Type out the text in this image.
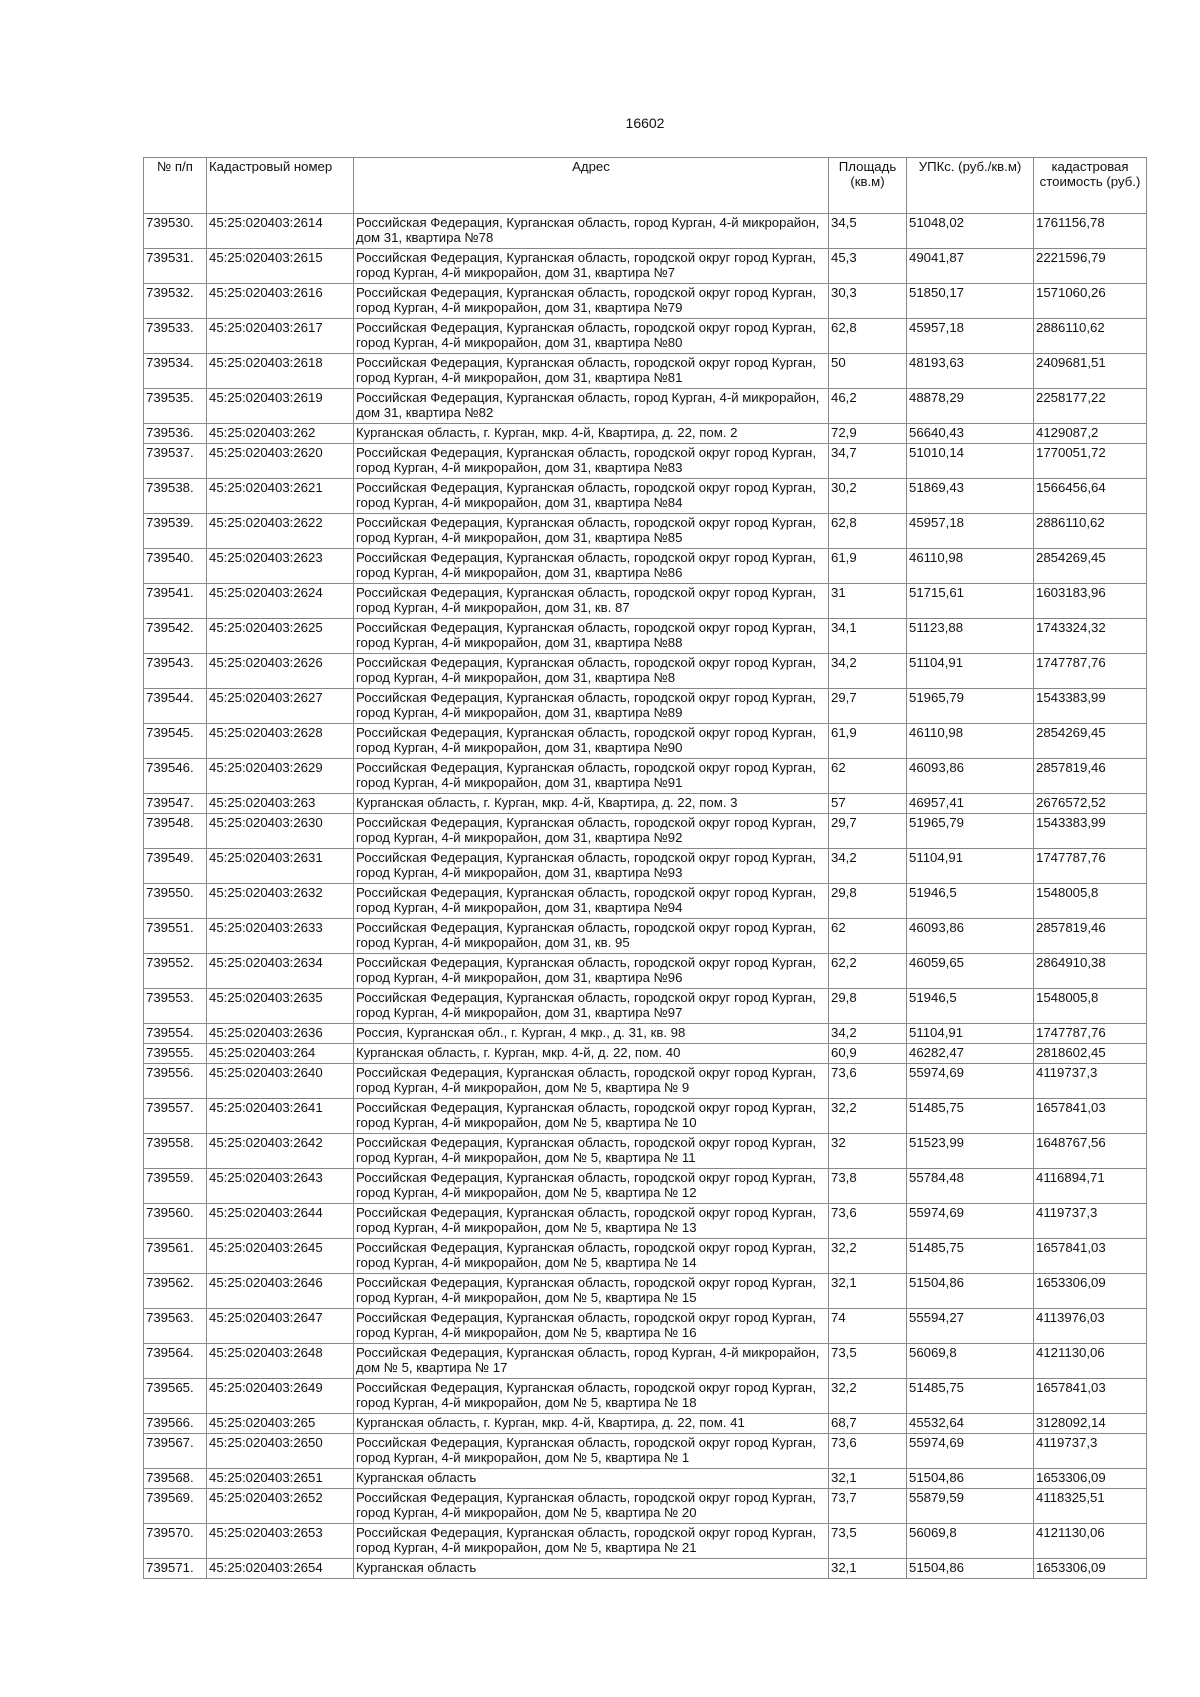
16602
№ п/п	Кадастровый номер	Адрес	Площадь (кв.м)	УПКс. (руб./кв.м)	кадастровая стоимость (руб.)
739530.	45:25:020403:2614	Российская Федерация, Курганская область, город Курган, 4-й микрорайон, дом 31, квартира №78	34,5	51048,02	1761156,78
739531.	45:25:020403:2615	Российская Федерация, Курганская область, городской округ город Курган, город Курган, 4-й микрорайон, дом 31, квартира №7	45,3	49041,87	2221596,79
739532.	45:25:020403:2616	Российская Федерация, Курганская область, городской округ город Курган, город Курган, 4-й микрорайон, дом 31, квартира №79	30,3	51850,17	1571060,26
739533.	45:25:020403:2617	Российская Федерация, Курганская область, городской округ город Курган, город Курган, 4-й микрорайон, дом 31, квартира №80	62,8	45957,18	2886110,62
739534.	45:25:020403:2618	Российская Федерация, Курганская область, городской округ город Курган, город Курган, 4-й микрорайон, дом 31, квартира №81	50	48193,63	2409681,51
739535.	45:25:020403:2619	Российская Федерация, Курганская область, город Курган, 4-й микрорайон, дом 31, квартира №82	46,2	48878,29	2258177,22
739536.	45:25:020403:262	Курганская область, г. Курган, мкр. 4-й, Квартира, д. 22, пом. 2	72,9	56640,43	4129087,2
739537.	45:25:020403:2620	Российская Федерация, Курганская область, городской округ город Курган, город Курган, 4-й микрорайон, дом 31, квартира №83	34,7	51010,14	1770051,72
739538.	45:25:020403:2621	Российская Федерация, Курганская область, городской округ город Курган, город Курган, 4-й микрорайон, дом 31, квартира №84	30,2	51869,43	1566456,64
739539.	45:25:020403:2622	Российская Федерация, Курганская область, городской округ город Курган, город Курган, 4-й микрорайон, дом 31, квартира №85	62,8	45957,18	2886110,62
739540.	45:25:020403:2623	Российская Федерация, Курганская область, городской округ город Курган, город Курган, 4-й микрорайон, дом 31, квартира №86	61,9	46110,98	2854269,45
739541.	45:25:020403:2624	Российская Федерация, Курганская область, городской округ город Курган, город Курган, 4-й микрорайон, дом 31, кв. 87	31	51715,61	1603183,96
739542.	45:25:020403:2625	Российская Федерация, Курганская область, городской округ город Курган, город Курган, 4-й микрорайон, дом 31, квартира №88	34,1	51123,88	1743324,32
739543.	45:25:020403:2626	Российская Федерация, Курганская область, городской округ город Курган, город Курган, 4-й микрорайон, дом 31, квартира №8	34,2	51104,91	1747787,76
739544.	45:25:020403:2627	Российская Федерация, Курганская область, городской округ город Курган, город Курган, 4-й микрорайон, дом 31, квартира №89	29,7	51965,79	1543383,99
739545.	45:25:020403:2628	Российская Федерация, Курганская область, городской округ город Курган, город Курган, 4-й микрорайон, дом 31, квартира №90	61,9	46110,98	2854269,45
739546.	45:25:020403:2629	Российская Федерация, Курганская область, городской округ город Курган, город Курган, 4-й микрорайон, дом 31, квартира №91	62	46093,86	2857819,46
739547.	45:25:020403:263	Курганская область, г. Курган, мкр. 4-й, Квартира, д. 22, пом. 3	57	46957,41	2676572,52
739548.	45:25:020403:2630	Российская Федерация, Курганская область, городской округ город Курган, город Курган, 4-й микрорайон, дом 31, квартира №92	29,7	51965,79	1543383,99
739549.	45:25:020403:2631	Российская Федерация, Курганская область, городской округ город Курган, город Курган, 4-й микрорайон, дом 31, квартира №93	34,2	51104,91	1747787,76
739550.	45:25:020403:2632	Российская Федерация, Курганская область, городской округ город Курган, город Курган, 4-й микрорайон, дом 31, квартира №94	29,8	51946,5	1548005,8
739551.	45:25:020403:2633	Российская Федерация, Курганская область, городской округ город Курган, город Курган, 4-й микрорайон, дом 31, кв. 95	62	46093,86	2857819,46
739552.	45:25:020403:2634	Российская Федерация, Курганская область, городской округ город Курган, город Курган, 4-й микрорайон, дом 31, квартира №96	62,2	46059,65	2864910,38
739553.	45:25:020403:2635	Российская Федерация, Курганская область, городской округ город Курган, город Курган, 4-й микрорайон, дом 31, квартира №97	29,8	51946,5	1548005,8
739554.	45:25:020403:2636	Россия, Курганская обл., г. Курган, 4 мкр., д. 31, кв. 98	34,2	51104,91	1747787,76
739555.	45:25:020403:264	Курганская область, г. Курган, мкр. 4-й, д. 22, пом. 40	60,9	46282,47	2818602,45
739556.	45:25:020403:2640	Российская Федерация, Курганская область, городской округ город Курган, город Курган, 4-й микрорайон, дом № 5, квартира № 9	73,6	55974,69	4119737,3
739557.	45:25:020403:2641	Российская Федерация, Курганская область, городской округ город Курган, город Курган, 4-й микрорайон, дом № 5, квартира № 10	32,2	51485,75	1657841,03
739558.	45:25:020403:2642	Российская Федерация, Курганская область, городской округ город Курган, город Курган, 4-й микрорайон, дом № 5, квартира № 11	32	51523,99	1648767,56
739559.	45:25:020403:2643	Российская Федерация, Курганская область, городской округ город Курган, город Курган, 4-й микрорайон, дом № 5, квартира № 12	73,8	55784,48	4116894,71
739560.	45:25:020403:2644	Российская Федерация, Курганская область, городской округ город Курган, город Курган, 4-й микрорайон, дом № 5, квартира № 13	73,6	55974,69	4119737,3
739561.	45:25:020403:2645	Российская Федерация, Курганская область, городской округ город Курган, город Курган, 4-й микрорайон, дом № 5, квартира № 14	32,2	51485,75	1657841,03
739562.	45:25:020403:2646	Российская Федерация, Курганская область, городской округ город Курган, город Курган, 4-й микрорайон, дом № 5, квартира № 15	32,1	51504,86	1653306,09
739563.	45:25:020403:2647	Российская Федерация, Курганская область, городской округ город Курган, город Курган, 4-й микрорайон, дом № 5, квартира № 16	74	55594,27	4113976,03
739564.	45:25:020403:2648	Российская Федерация, Курганская область, город Курган, 4-й микрорайон, дом № 5, квартира № 17	73,5	56069,8	4121130,06
739565.	45:25:020403:2649	Российская Федерация, Курганская область, городской округ город Курган, город Курган, 4-й микрорайон, дом № 5, квартира № 18	32,2	51485,75	1657841,03
739566.	45:25:020403:265	Курганская область, г. Курган, мкр. 4-й, Квартира, д. 22, пом. 41	68,7	45532,64	3128092,14
739567.	45:25:020403:2650	Российская Федерация, Курганская область, городской округ город Курган, город Курган, 4-й микрорайон, дом № 5, квартира № 1	73,6	55974,69	4119737,3
739568.	45:25:020403:2651	Курганская область	32,1	51504,86	1653306,09
739569.	45:25:020403:2652	Российская Федерация, Курганская область, городской округ город Курган, город Курган, 4-й микрорайон, дом № 5, квартира № 20	73,7	55879,59	4118325,51
739570.	45:25:020403:2653	Российская Федерация, Курганская область, городской округ город Курган, город Курган, 4-й микрорайон, дом № 5, квартира № 21	73,5	56069,8	4121130,06
739571.	45:25:020403:2654	Курганская область	32,1	51504,86	1653306,09
